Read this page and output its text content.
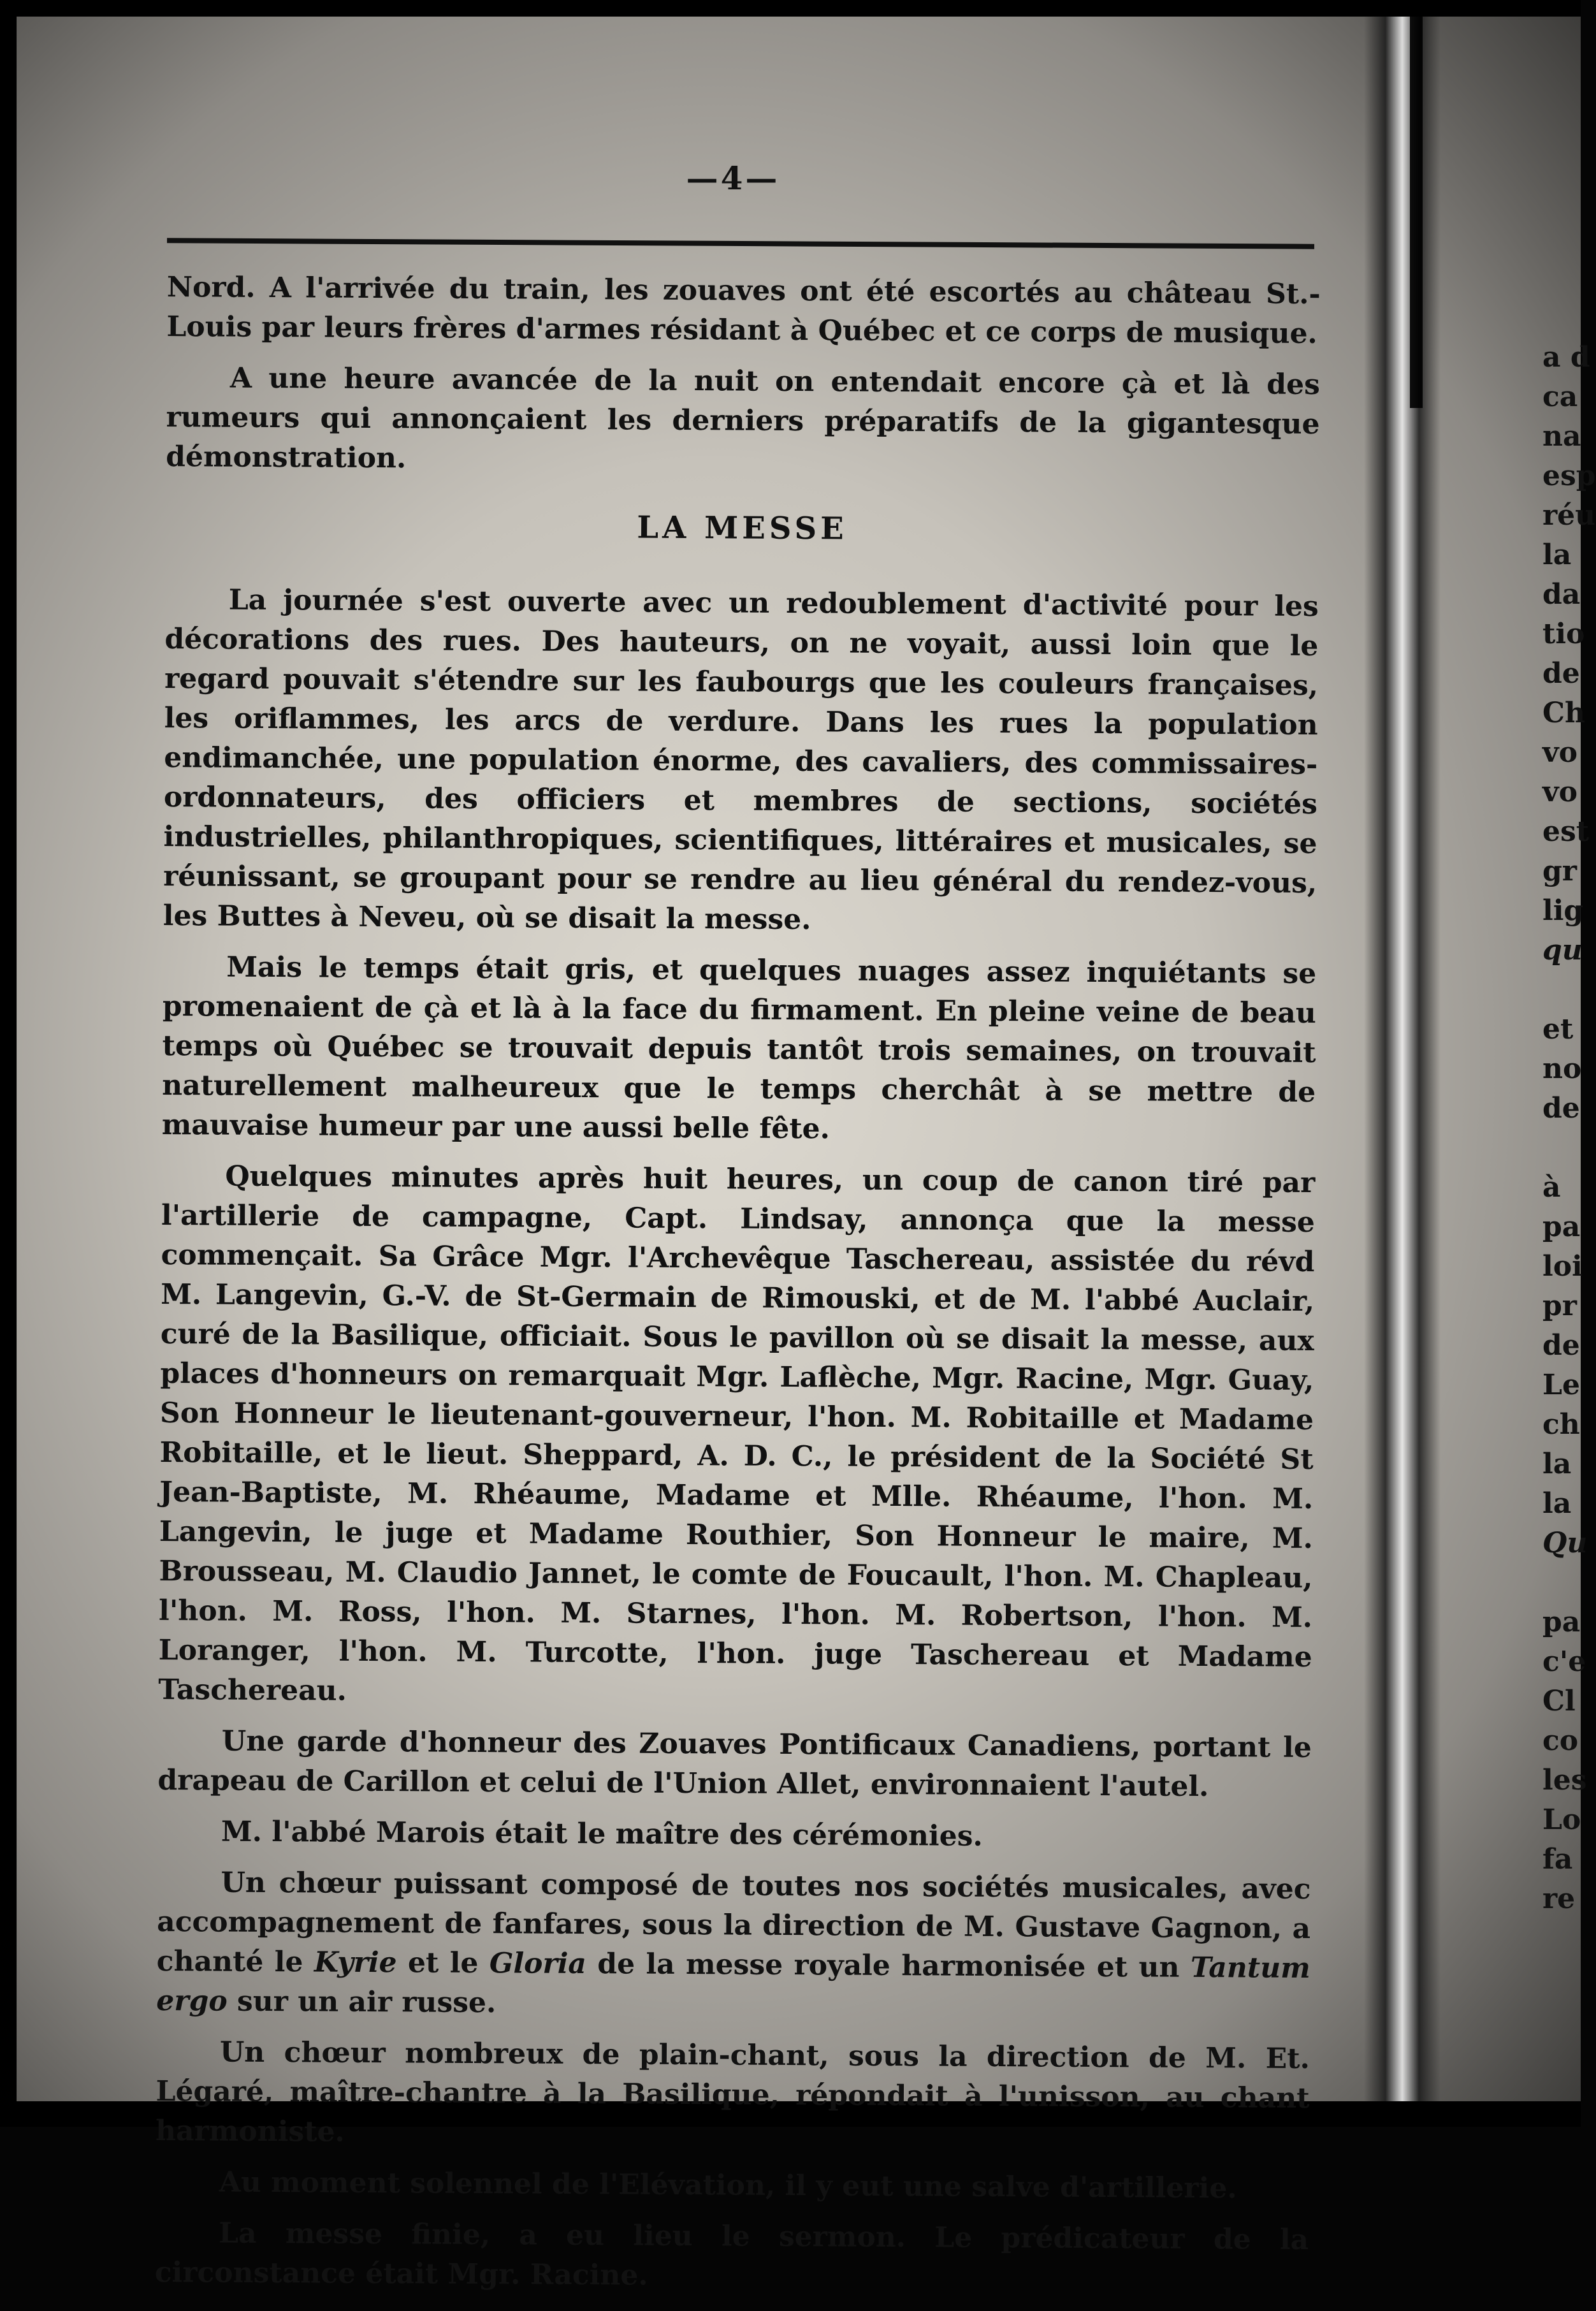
—4—

Nord. A l'arrivée du train, les zouaves ont été escortés au château St.-Louis par leurs frères d'armes résidant à Québec et ce corps de musique.

A une heure avancée de la nuit on entendait encore çà et là des rumeurs qui annonçaient les derniers préparatifs de la gigantesque démonstration.

LA MESSE

La journée s'est ouverte avec un redoublement d'activité pour les décorations des rues. Des hauteurs, on ne voyait, aussi loin que le regard pouvait s'étendre sur les faubourgs que les couleurs françaises, les oriflammes, les arcs de verdure. Dans les rues la population endimanchée, une population énorme, des cavaliers, des commissaires-ordonnateurs, des officiers et membres de sections, sociétés industrielles, philanthropiques, scientifiques, littéraires et musicales, se réunissant, se groupant pour se rendre au lieu général du rendez-vous, les Buttes à Neveu, où se disait la messe.

Mais le temps était gris, et quelques nuages assez inquiétants se promenaient de çà et là à la face du firmament. En pleine veine de beau temps où Québec se trouvait depuis tantôt trois semaines, on trouvait naturellement malheureux que le temps cherchât à se mettre de mauvaise humeur par une aussi belle fête.

Quelques minutes après huit heures, un coup de canon tiré par l'artillerie de campagne, Capt. Lindsay, annonça que la messe commençait. Sa Grâce Mgr. l'Archevêque Taschereau, assistée du révd M. Langevin, G.-V. de St-Germain de Rimouski, et de M. l'abbé Auclair, curé de la Basilique, officiait. Sous le pavillon où se disait la messe, aux places d'honneurs on remarquait Mgr. Laflèche, Mgr. Racine, Mgr. Guay, Son Honneur le lieutenant-gouverneur, l'hon. M. Robitaille et Madame Robitaille, et le lieut. Sheppard, A. D. C., le président de la Société St Jean-Baptiste, M. Rhéaume, Madame et Mlle. Rhéaume, l'hon. M. Langevin, le juge et Madame Routhier, Son Honneur le maire, M. Brousseau, M. Claudio Jannet, le comte de Foucault, l'hon. M. Chapleau, l'hon. M. Ross, l'hon. M. Starnes, l'hon. M. Robertson, l'hon. M. Loranger, l'hon. M. Turcotte, l'hon. juge Taschereau et Madame Taschereau.

Une garde d'honneur des Zouaves Pontificaux Canadiens, portant le drapeau de Carillon et celui de l'Union Allet, environnaient l'autel.

M. l'abbé Marois était le maître des cérémonies.

Un chœur puissant composé de toutes nos sociétés musicales, avec accompagnement de fanfares, sous la direction de M. Gustave Gagnon, a chanté le Kyrie et le Gloria de la messe royale harmonisée et un Tantum ergo sur un air russe.

Un chœur nombreux de plain-chant, sous la direction de M. Et. Légaré, maître-chantre à la Basilique, répondait à l'unisson, au chant harmoniste.

Au moment solennel de l'Elévation, il y eut une salve d'artillerie.

La messe finie, a eu lieu le sermon. Le prédicateur de la circonstance était Mgr. Racine.

a d
ca
na
esp
réu
la
da
tio
de
Ch
vo
vo
est
gr
lig
qu
et
no
de
à
pa
loi
pr
de
Le
ch
la
la
Qu
pa
c'e
Cl
co
les
Lo
fa
re
